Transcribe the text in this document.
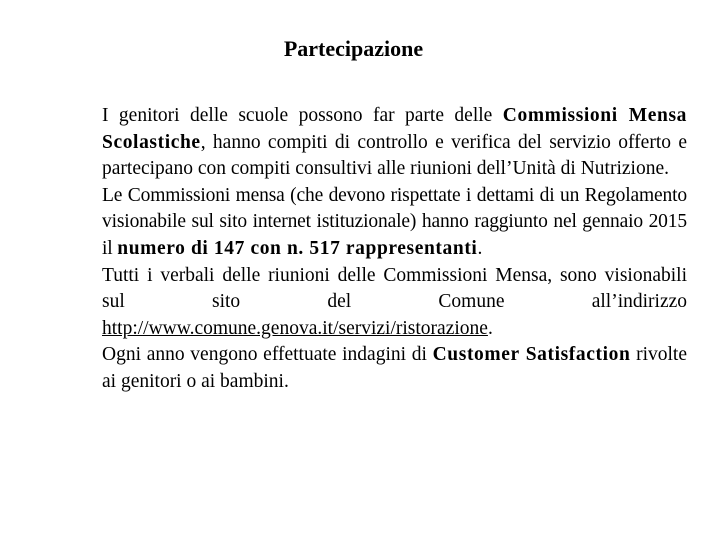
Partecipazione

I genitori delle scuole possono far parte delle Commissioni Mensa Scolastiche, hanno compiti di controllo e verifica del servizio offerto e partecipano con compiti consultivi alle riunioni dell’Unità di Nutrizione.

Le Commissioni mensa (che devono rispettate i dettami di un Regolamento visionabile sul sito internet istituzionale) hanno raggiunto nel gennaio 2015 il numero di 147 con n. 517 rappresentanti.

Tutti i verbali delle riunioni delle Commissioni Mensa, sono visionabili sul sito del Comune all’indirizzo http://www.comune.genova.it/servizi/ristorazione.

Ogni anno vengono effettuate indagini di Customer Satisfaction rivolte ai genitori o ai bambini.
